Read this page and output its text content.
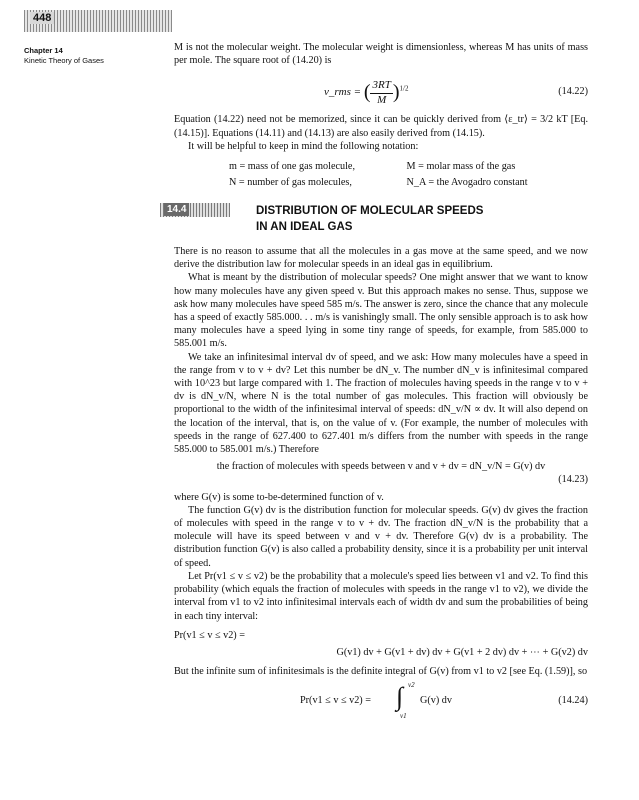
448
Chapter 14
Kinetic Theory of Gases

M is not the molecular weight. The molecular weight is dimensionless, whereas M has units of mass per mole. The square root of (14.20) is

v_rms = ( $\frac{3RT}{M} )^{1/2}$	(14.22)

Equation (14.22) need not be memorized, since it can be quickly derived from ⟨ε_tr⟩ = 3/2 kT [Eq. (14.15)]. Equations (14.11) and (14.13) are also easily derived from (14.15).

It will be helpful to keep in mind the following notation:

m = mass of one gas molecule,	M = molar mass of the gas
N = number of gas molecules,	N_A = the Avogadro constant
14.4	DISTRIBUTION OF MOLECULAR SPEEDS
IN AN IDEAL GAS

There is no reason to assume that all the molecules in a gas move at the same speed, and we now derive the distribution law for molecular speeds in an ideal gas in equilibrium.

What is meant by the distribution of molecular speeds? One might answer that we want to know how many molecules have any given speed v. But this approach makes no sense. Thus, suppose we ask how many molecules have speed 585 m/s. The answer is zero, since the chance that any molecule has a speed of exactly 585.000. . . m/s is vanishingly small. The only sensible approach is to ask how many molecules have a speed lying in some tiny range of speeds, for example, from 585.000 to 585.001 m/s.

We take an infinitesimal interval dv of speed, and we ask: How many molecules have a speed in the range from v to v + dv? Let this number be dN_v. The number dN_v is infinitesimal compared with 10^23 but large compared with 1. The fraction of molecules having speeds in the range v to v + dv is dN_v/N, where N is the total number of gas molecules. This fraction will obviously be proportional to the width of the infinitesimal interval of speeds: dN_v/N ∝ dv. It will also depend on the location of the interval, that is, on the value of v. (For example, the number of molecules with speeds in the range of 627.400 to 627.401 m/s differs from the number with speeds in the range 585.000 to 585.001 m/s.) Therefore

the fraction of molecules with speeds between v and v + dv = dN_v/N = G(v) dv
(14.23)

where G(v) is some to-be-determined function of v.

The function G(v) dv is the distribution function for molecular speeds. G(v) dv gives the fraction of molecules with speed in the range v to v + dv. The fraction dN_v/N is the probability that a molecule will have its speed between v and v + dv. Therefore G(v) dv is a probability. The distribution function G(v) is also called a probability density, since it is a probability per unit interval of speed.

Let Pr(v1 ≤ v ≤ v2) be the probability that a molecule's speed lies between v1 and v2. To find this probability (which equals the fraction of molecules with speeds in the range v1 to v2), we divide the interval from v1 to v2 into infinitesimal intervals each of width dv and sum the probabilities of being in each tiny interval:

Pr(v1 ≤ v ≤ v2) =
G(v1) dv + G(v1 + dv) dv + G(v1 + 2 dv) dv + ⋯ + G(v2) dv

But the infinite sum of infinitesimals is the definite integral of G(v) from v1 to v2 [see Eq. (1.59)], so

Pr(v1 ≤ v ≤ v2) = ∫ v2
v1
G(v) dv	(14.24)
